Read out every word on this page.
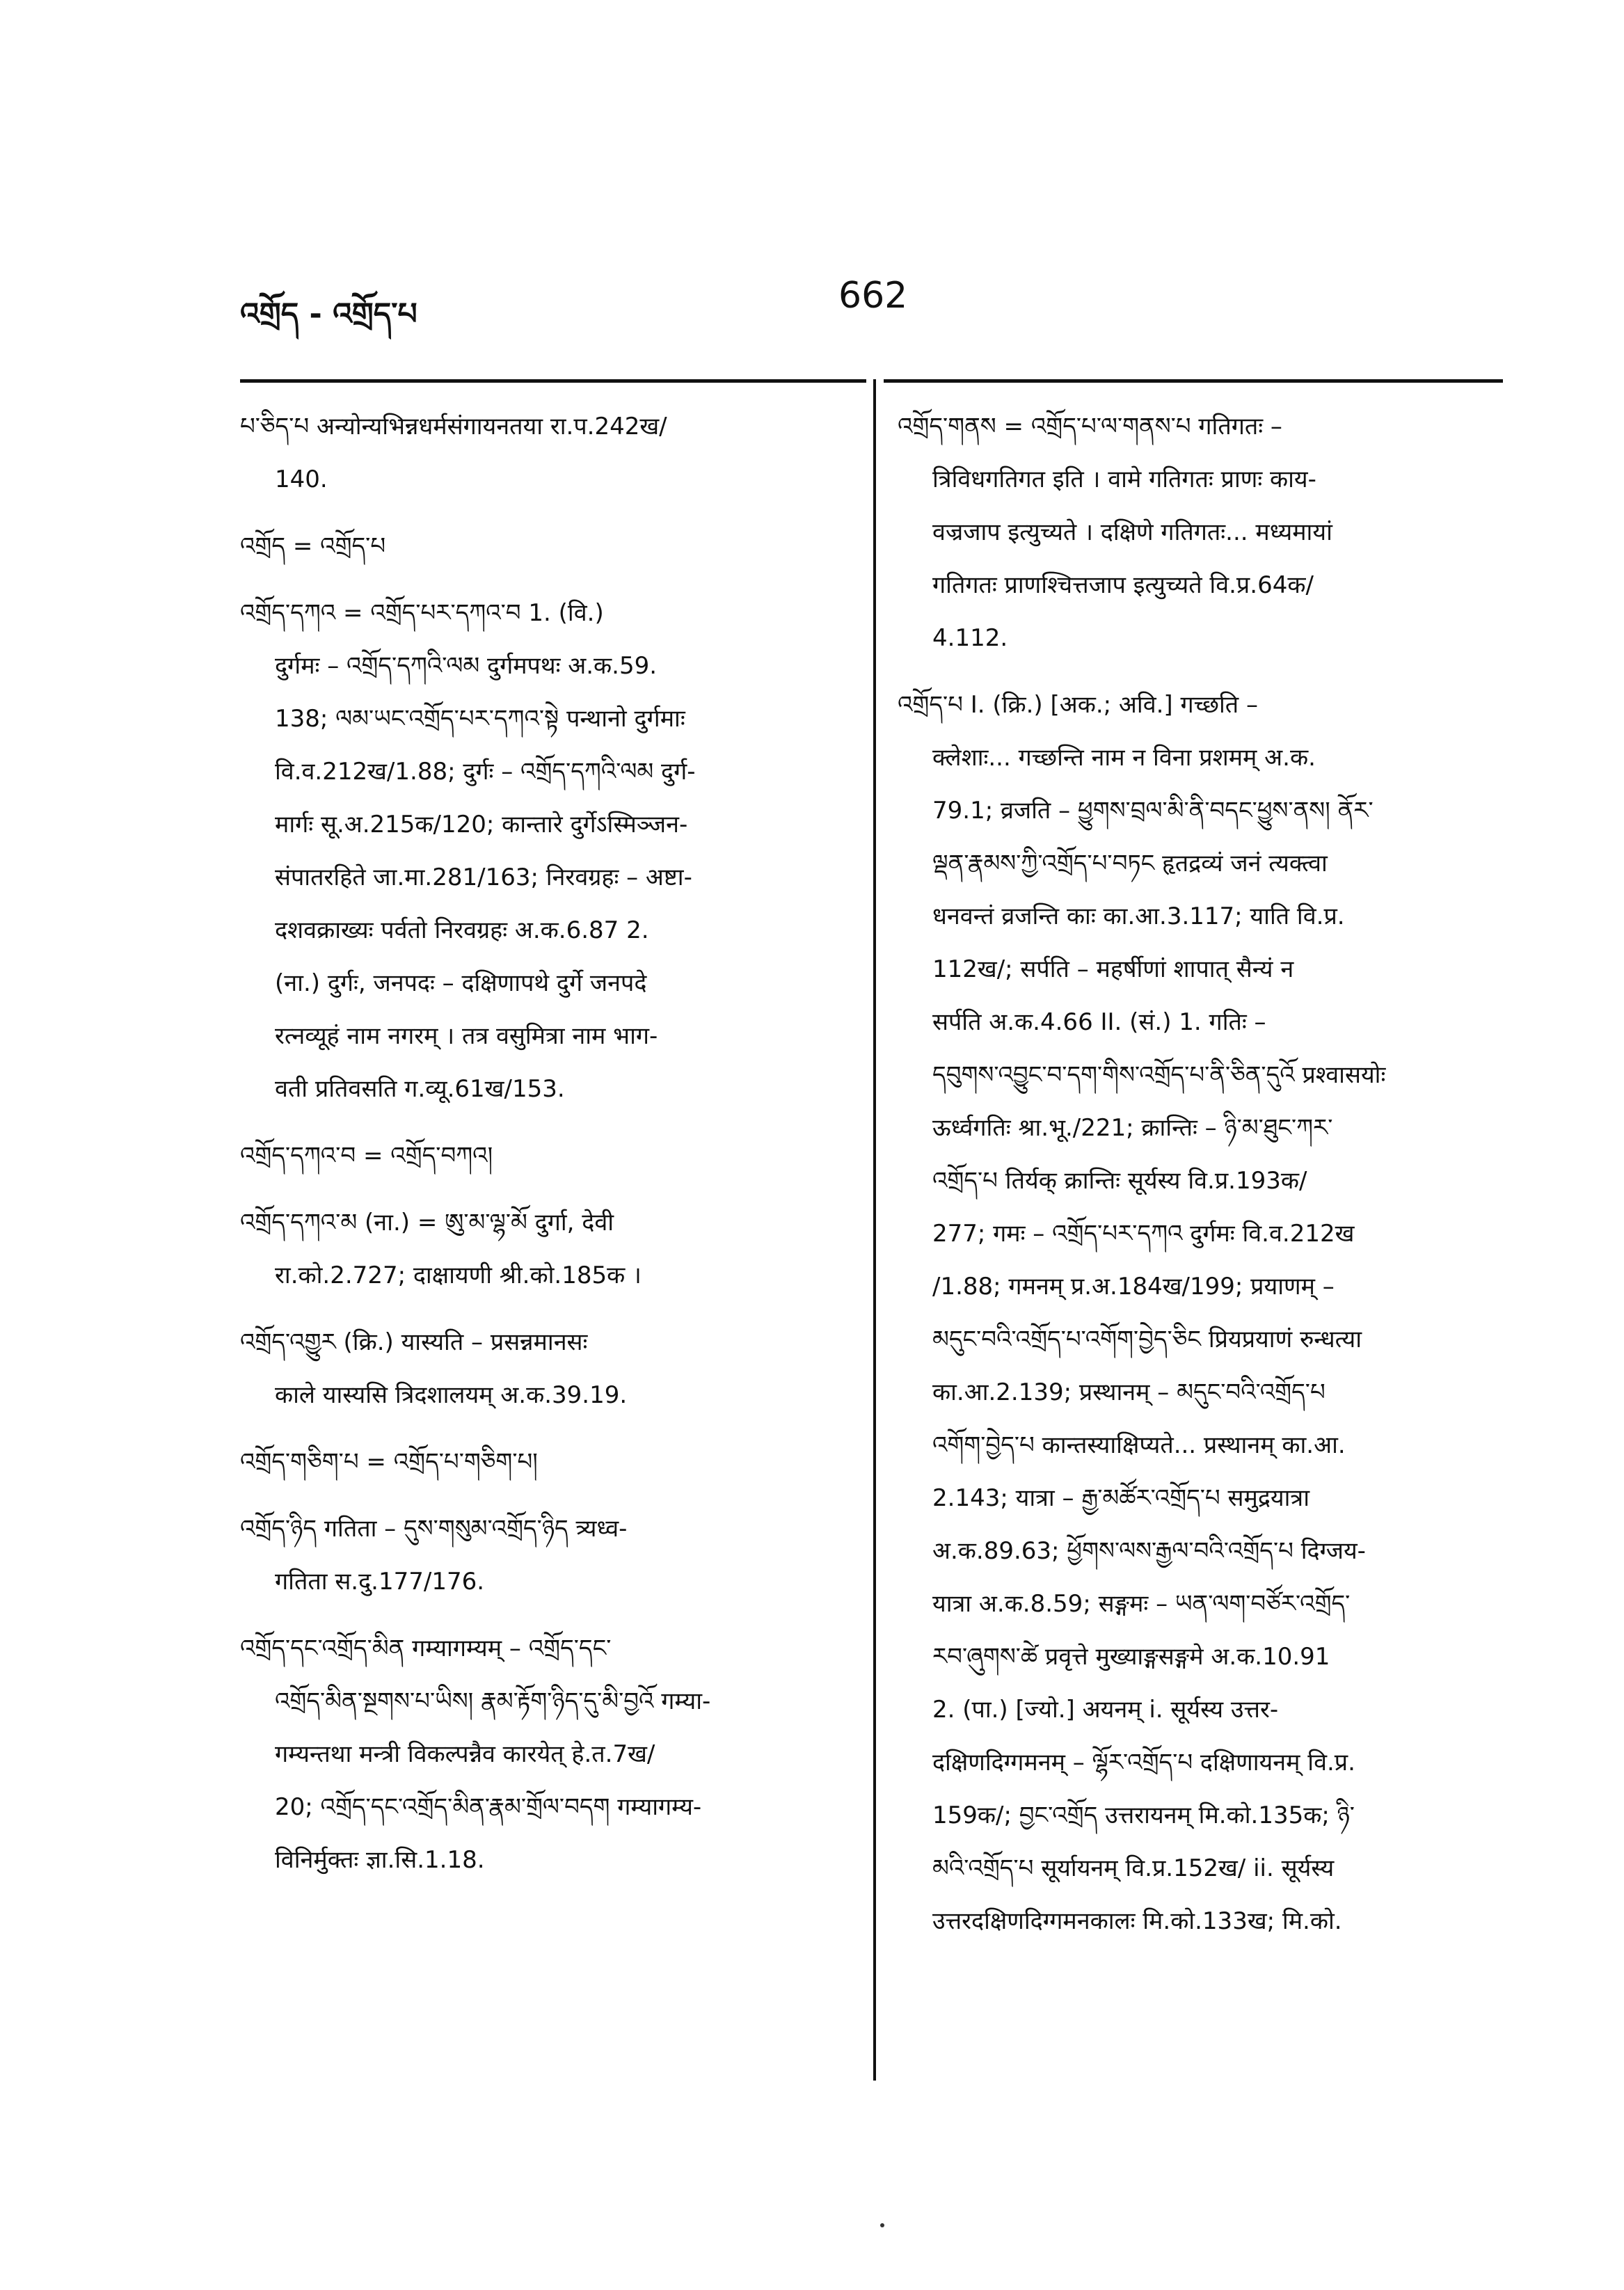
འགྲོད - འགྲོད་པ	662
པ་ཅིད་པ अन्योन्यभिन्नधर्मसंगायनतया रा.प.242ख/
140.
འགྲོད = འགྲོད་པ
འགྲོད་དཀའ = འགྲོད་པར་དཀའ་བ 1. (वि.)
दुर्गमः – འགྲོད་དཀའི་ལམ दुर्गमपथः अ.क.59.
138; ལམ་ཡང་འགྲོད་པར་དཀའ་སྟེ पन्थानो दुर्गमाः
वि.व.212ख/1.88; दुर्गः – འགྲོད་དཀའི་ལམ दुर्ग-
मार्गः सू.अ.215क/120; कान्तारे दुर्गेऽस्मिञ्जन-
संपातरहिते जा.मा.281/163; निरवग्रहः – अष्टा-
दशवक्राख्यः पर्वतो निरवग्रहः अ.क.6.87 2.
(ना.) दुर्गः, जनपदः – दक्षिणापथे दुर्गे जनपदे
रत्नव्यूहं नाम नगरम् । तत्र वसुमित्रा नाम भाग-
वती प्रतिवसति ग.व्यू.61ख/153.
འགྲོད་དཀའ་བ = འགྲོད་བཀའ།
འགྲོད་དཀའ་མ (ना.) = ཨུ་མ་ལྷ་མོ दुर्गा, देवी
रा.को.2.727; दाक्षायणी श्री.को.185क ।
འགྲོད་འགྱུར (क्रि.) यास्यति – प्रसन्नमानसः
काले यास्यसि त्रिदशालयम् अ.क.39.19.
འགྲོད་གཅིག་པ = འགྲོད་པ་གཅིག་པ།
འགྲོད་ཉིད गतिता – དུས་གསུམ་འགྲོད་ཉིད त्र्यध्व-
गतिता स.दु.177/176.
འགྲོད་དང་འགྲོད་མིན गम्यागम्यम् – འགྲོད་དང་
འགྲོད་མིན་སྔགས་པ་ཡིས། རྣམ་རྟོག་ཉིད་དུ་མི་བྱའོ गम्या-
गम्यन्तथा मन्त्री विकल्पन्नैव कारयेत् हे.त.7ख/
20; འགྲོད་དང་འགྲོད་མིན་རྣམ་གྲོལ་བདག गम्यागम्य-
विनिर्मुक्तः ज्ञा.सि.1.18.
འགྲོད་གནས = འགྲོད་པ་ལ་གནས་པ गतिगतः –
त्रिविधगतिगत इति । वामे गतिगतः प्राणः काय-
वज्रजाप इत्युच्यते । दक्षिणे गतिगतः... मध्यमायां
गतिगतः प्राणश्चित्तजाप इत्युच्यते वि.प्र.64क/
4.112.
འགྲོད་པ I. (क्रि.) [अक.; अवि.] गच्छति –
क्लेशाः... गच्छन्ति नाम न विना प्रशमम् अ.क.
79.1; व्रजति – ཕྱུགས་བྲལ་མི་ནི་བདང་ཕྱུས་ནས། ནོར་
ལྡན་རྣམས་ཀྱི་འགྲོད་པ་བཏང हृतद्रव्यं जनं त्यक्त्वा
धनवन्तं व्रजन्ति काः का.आ.3.117; याति वि.प्र.
112ख/; सर्पति – महर्षीणां शापात् सैन्यं न
सर्पति अ.क.4.66 II. (सं.) 1. गतिः –
དབུགས་འབྱུང་བ་དག་གིས་འགྲོད་པ་ནི་ཅིན་དུའོ प्रश्वासयोः
ऊर्ध्वगतिः श्रा.भू./221; क्रान्तिः – ཉི་མ་ཐུང་ཀར་
འགྲོད་པ तिर्यक् क्रान्तिः सूर्यस्य वि.प्र.193क/
277; गमः – འགྲོད་པར་དཀའ दुर्गमः वि.व.212ख
/1.88; गमनम् प्र.अ.184ख/199; प्रयाणम् –
མདུང་བའི་འགྲོད་པ་འགོག་བྱེད་ཅིང प्रियप्रयाणं रुन्धत्या
का.आ.2.139; प्रस्थानम् – མདུང་བའི་འགྲོད་པ
འགོག་བྱེད་པ कान्तस्याक्षिप्यते... प्रस्थानम् का.आ.
2.143; यात्रा – རྒྱ་མཚོར་འགྲོད་པ समुद्रयात्रा
अ.क.89.63; ཕྱོགས་ལས་རྒྱལ་བའི་འགྲོད་པ दिग्जय-
यात्रा अ.क.8.59; सङ्गमः – ཡན་ལག་བཙོར་འགྲོད་
རབ་ཞུགས་ཚེ प्रवृत्ते मुख्याङ्गसङ्गमे अ.क.10.91
2. (पा.) [ज्यो.] अयनम् i. सूर्यस्य उत्तर-
दक्षिणदिग्गमनम् – ལྷོར་འགྲོད་པ दक्षिणायनम् वि.प्र.
159क/; བྱང་འགྲོད उत्तरायनम् मि.को.135क; ཉི་
མའི་འགྲོད་པ सूर्यायनम् वि.प्र.152ख/ ii. सूर्यस्य
उत्तरदक्षिणदिग्गमनकालः मि.को.133ख; मि.को.
